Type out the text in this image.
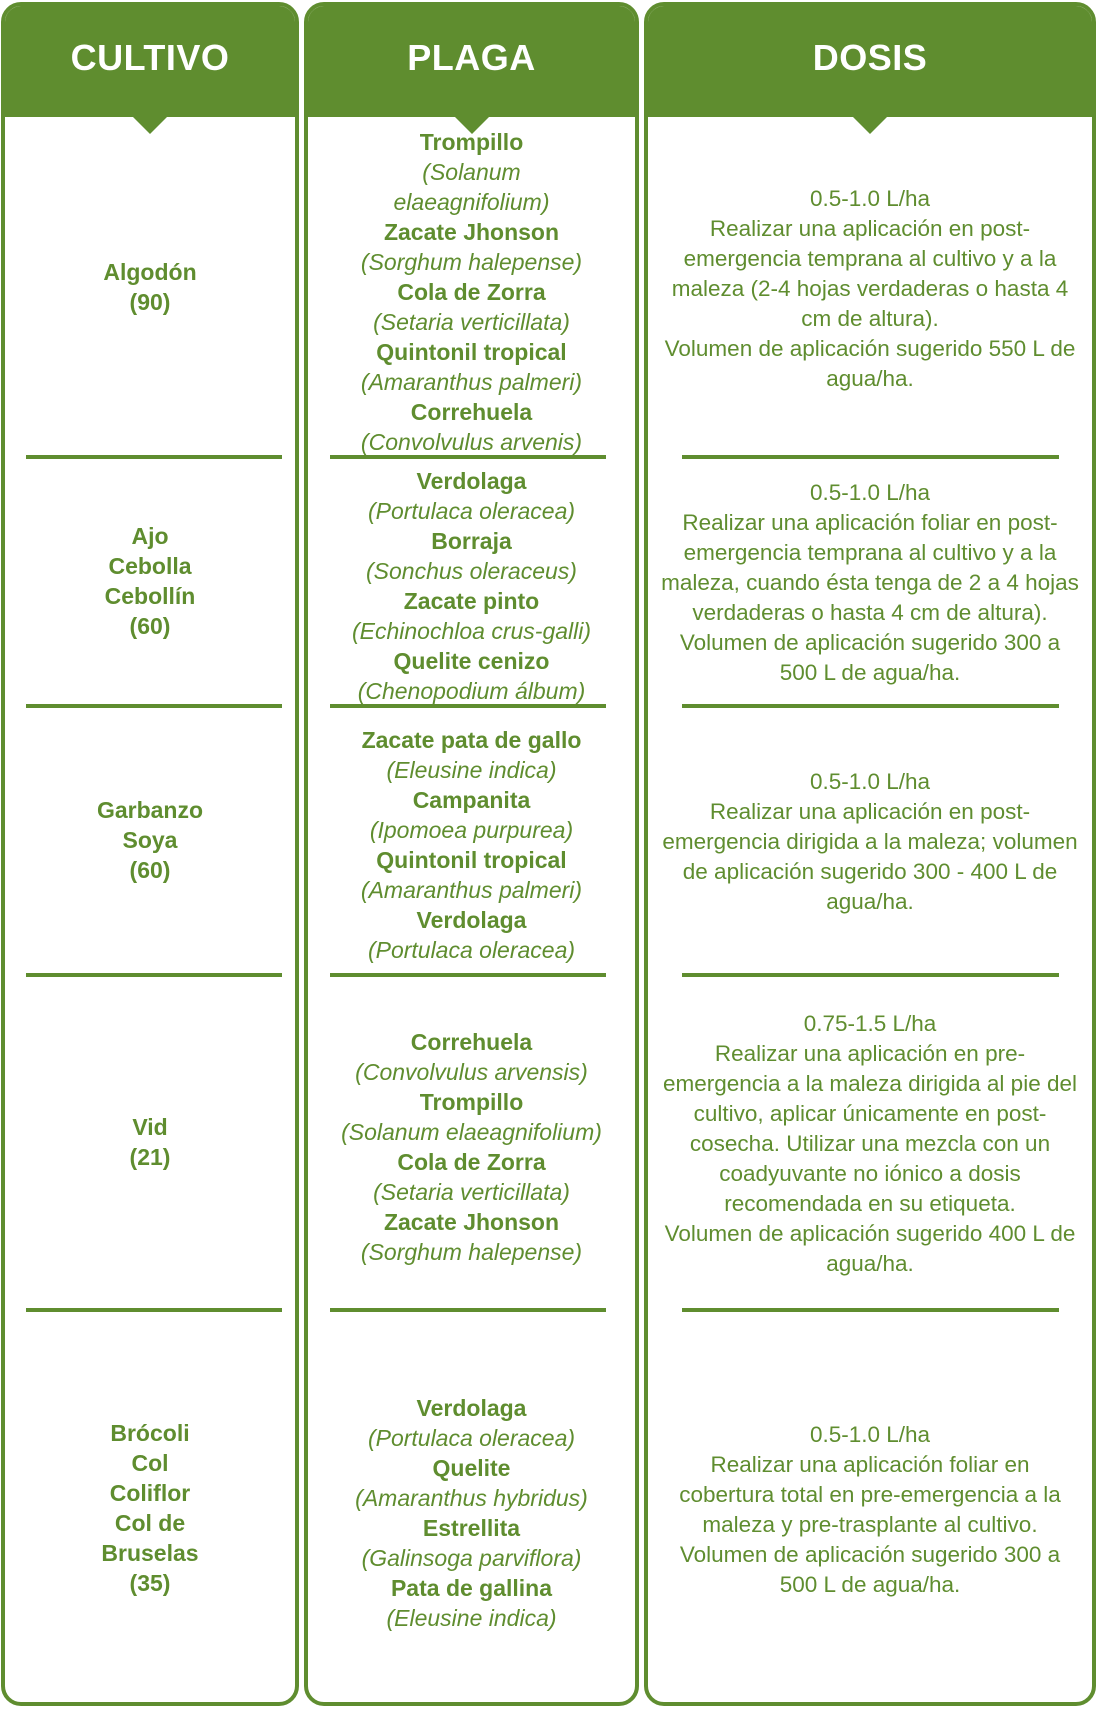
CULTIVO
Algodón
(90)
Ajo
Cebolla
Cebollín
(60)
Garbanzo
Soya
(60)
Vid
(21)
Brócoli
Col
Coliflor
Col de
Bruselas
(35)
PLAGA
Trompillo
(Solanum elaeagnifolium)
Zacate Jhonson
(Sorghum halepense)
Cola de Zorra
(Setaria verticillata)
Quintonil tropical
(Amaranthus palmeri)
Correhuela
(Convolvulus arvenis)
Verdolaga
(Portulaca oleracea)
Borraja
(Sonchus oleraceus)
Zacate pinto
(Echinochloa crus-galli)
Quelite cenizo
(Chenopodium álbum)
Zacate pata de gallo
(Eleusine indica)
Campanita
(Ipomoea purpurea)
Quintonil tropical
(Amaranthus palmeri)
Verdolaga
(Portulaca oleracea)
Correhuela
(Convolvulus arvensis)
Trompillo
(Solanum elaeagnifolium)
Cola de Zorra
(Setaria verticillata)
Zacate Jhonson
(Sorghum halepense)
Verdolaga
(Portulaca oleracea)
Quelite
(Amaranthus hybridus)
Estrellita
(Galinsoga parviflora)
Pata de gallina
(Eleusine indica)
DOSIS
0.5-1.0 L/ha
Realizar una aplicación en post-emergencia temprana al cultivo y a la maleza (2-4 hojas verdaderas o hasta 4 cm de altura).
Volumen de aplicación sugerido 550 L de agua/ha.
0.5-1.0 L/ha
Realizar una aplicación foliar en post-emergencia temprana al cultivo y a la maleza, cuando ésta tenga de 2 a 4 hojas verdaderas o hasta 4 cm de altura).
Volumen de aplicación sugerido 300 a 500 L de agua/ha.
0.5-1.0 L/ha
Realizar una aplicación en post-emergencia dirigida a la maleza; volumen de aplicación sugerido 300 - 400 L de agua/ha.
0.75-1.5 L/ha
Realizar una aplicación en pre-emergencia a la maleza dirigida al pie del cultivo, aplicar únicamente en post-cosecha. Utilizar una mezcla con un coadyuvante no iónico a dosis recomendada en su etiqueta.
Volumen de aplicación sugerido 400 L de agua/ha.
0.5-1.0 L/ha
Realizar una aplicación foliar en cobertura total en pre-emergencia a la maleza y pre-trasplante al cultivo.
Volumen de aplicación sugerido 300 a 500 L de agua/ha.
